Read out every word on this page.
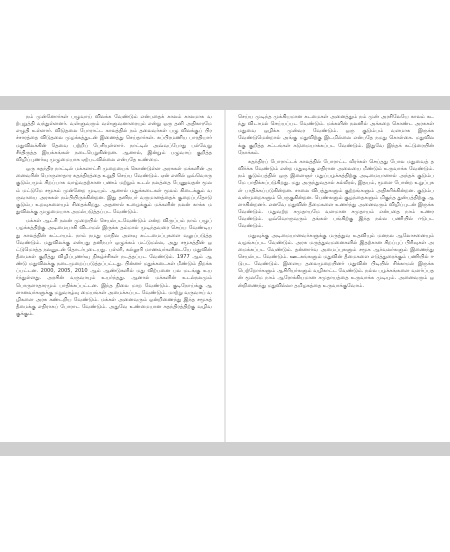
நம் முன்னோர்கள் பழுவாய் விலக்க வேண்டும் என்பதைக் காலம் காலமாக வற்புறுத்தி வந்துள்ளனர். வள்ளுவரும் வள்ளுவனாரையும் என்று ஒரு தனி அதிகாரமே எழுதி உள்ளார். விடுதலை போராட்ட காலத்தில் நம் தலைவர்கள் பழு விலக்குப் பிரச்சாரத்தை விடுதலை முழக்கத்துடன் இணைத்து செய்தார்கள். சுப்பிரமணிய பாரதியார் மதுவிலக்கின் தேவை பற்றிப் பேசியுள்ளார். நாட்டில் அவ்வப்போது பல்வேறு சீர்திருத்த இயக்கங்கள் நடைபெறுகின்றன. ஆனால், இன்றும் பழுவாய் குறித்த விழிப்புணர்வு முழுமையாக ஏற்படவில்லை என்பதே உண்மை.

ஒரு சுதந்திர நாட்டில் மக்களாட்சி முறையைக் கொண்டுள்ள அரசுகள் மக்களின் அனைவரின் பொருளாதார சுதந்திரத்தை உறுதி செய்ய வேண்டும். ஏன் எனில் ஒவ்வொரு குடும்பமும் சிறப்பாக வாழ்வதற்கான பணம் மற்றும் உடல் நலத்தை பேணுவதன் மூலம் மட்டுமே சமூகம் முன்னேற முடியும். ஆனால் மதுக்கடைகள் மூலம் கிடைக்கும் வருவாயை அரசுகள் நம்பியிருக்கின்றன. இது தனிநபர் வருமானத்தைக் குறைப்பதோடு குடும்ப உறவுகளையும் சிதைக்கிறது. அதனால் உழைக்கும் மக்களின் நலன் காக்க மதுவிலக்கு முழுமையாக அமல்படுத்தப்பட வேண்டும்.

மக்கள் ஆட்சி நலன் முறையில் செயல்படவேண்டும் என்ற விருப்பம் நாம் பழுப் பழக்கத்திற்கு அடிமையாகி விடாமல் இருக்க தம்மால் முடிந்தவரை செய்ய வேண்டியது காலத்தின் கட்டாயம். நாம் நமது மாநில அளவு கட்டமைப்புகளை வலுப்படுத்த வேண்டும். மதுவிலக்கு என்பது தனிநபர் ஒழுக்கம் மட்டுமல்ல, அது சமூகத்தின் ஒட்டுமொத்த நலனுடன் தொடர்புடையது. பள்ளி, கல்லூரி மாணவர்களிடையே மதுவின் தீமைகள் குறித்து விழிப்புணர்வு நிகழ்ச்சிகள் நடத்தப்பட வேண்டும். 1977 ஆம் ஆண்டு மதுவிலக்கு நடைமுறைப்படுத்தப்பட்டது. பின்னர் மதுக்கடைகள் மீண்டும் திறக்கப்பட்டன. 2000, 2005, 2010 ஆம் ஆண்டுகளில் மது விற்பனை பல மடங்கு உயர்ந்துள்ளது. அரசின் வருவாயும் உயர்ந்தது. ஆனால் மக்களின் உடல்நலமும் பொருளாதாரமும் பாதிக்கப்பட்டன. இந்த நிலை மாற வேண்டும். குடிநோய்க்கு ஆளானவர்களுக்கு மறுவாழ்வு மையங்கள் அமைக்கப்பட வேண்டும். மாற்று வருவாய் வழிகளை அரசு கண்டறிய வேண்டும். மக்கள் அனைவரும் ஒன்றிணைந்து இந்த சமூகத் தீமைக்கு எதிராகப் போராட வேண்டும். அதுவே உண்மையான சுதந்திரத்திற்கு வழிவகுக்கும்.

செய்ய முடிந்த முக்கியமான கடமைகள் அனைத்தும் நம் முன் அரசிலேயே காலம் கடந்து விடாமல் செய்யப்பட வேண்டும். மக்களின் நலனில் அக்கறை கொண்ட அரசுகள் மதுவை ஒழிக்க முன்வர வேண்டும். ஒரு குடும்பம் வளமாக இருக்க வேண்டுமென்றால் அங்கு மதுவிற்கு இடமில்லை என்பதே நமது கொள்கை. மதுவிலக்கு குறித்த சட்டங்கள் கடுமையாக்கப்பட வேண்டும். இதுவே இந்தக் கட்டுரையின் நோக்கம்.

சுதந்திரப் போராட்டக் காலத்தில் போராட்ட வீரர்கள் செய்தது போல மதுவைத் தவிர்க்க வேண்டும் என்ற மதுவுக்கு எதிரான அலையை மீண்டும் உருவாக்க வேண்டும். நம் குடும்பத்தில் ஒரு இளைஞர் மதுப்பழக்கத்திற்கு அடிமையானால் அந்தக் குடும்பமே பாதிக்கப்படுகிறது. மது அருந்துவதால் கல்லீரல், இதயம், மூளை போன்ற உறுப்புகள் பாதிக்கப்படுகின்றன. சாலை விபத்துகளும் குற்றங்களும் அதிகரிக்கின்றன. குடும்ப வன்முறைகளும் பெருகுகின்றன. பெண்களும் குழந்தைகளும் மிகுந்த துன்பத்திற்கு ஆளாகின்றனர். எனவே மதுவின் தீமைகளை உணர்ந்து அனைவரும் விழிப்புடன் இருக்க வேண்டும். மதுவற்ற சமுதாயமே வளமான சமுதாயம் என்பதை நாம் உணர வேண்டும். ஒவ்வொருவரும் தங்கள் பங்கிற்கு இந்த நல்ல பணியில் ஈடுபட வேண்டும்.

மதுவுக்கு அடிமையானவர்களுக்கு மருத்துவ உதவியும் மனநல ஆலோசனையும் வழங்கப்பட வேண்டும். அரசு மருத்துவமனைகளில் இதற்கான சிறப்புப் பிரிவுகள் அமைக்கப்பட வேண்டும். தன்னார்வ அமைப்புகளும் சமூக ஆர்வலர்களும் இணைந்து செயல்பட வேண்டும். ஊடகங்களும் மதுவின் தீமைகளை எடுத்துரைக்கும் பணியில் ஈடுபட வேண்டும். இளைய தலைமுறையினர் மதுவின் பிடியில் சிக்காமல் இருக்க பெற்றோர்களும் ஆசிரியர்களும் வழிகாட்ட வேண்டும். நல்ல பழக்கங்களை வளர்ப்பதன் மூலமே நாம் ஆரோக்கியமான சமுதாயத்தை உருவாக்க முடியும். அனைவரும் ஒன்றிணைந்து மதுவில்லா தமிழகத்தை உருவாக்குவோம்.
